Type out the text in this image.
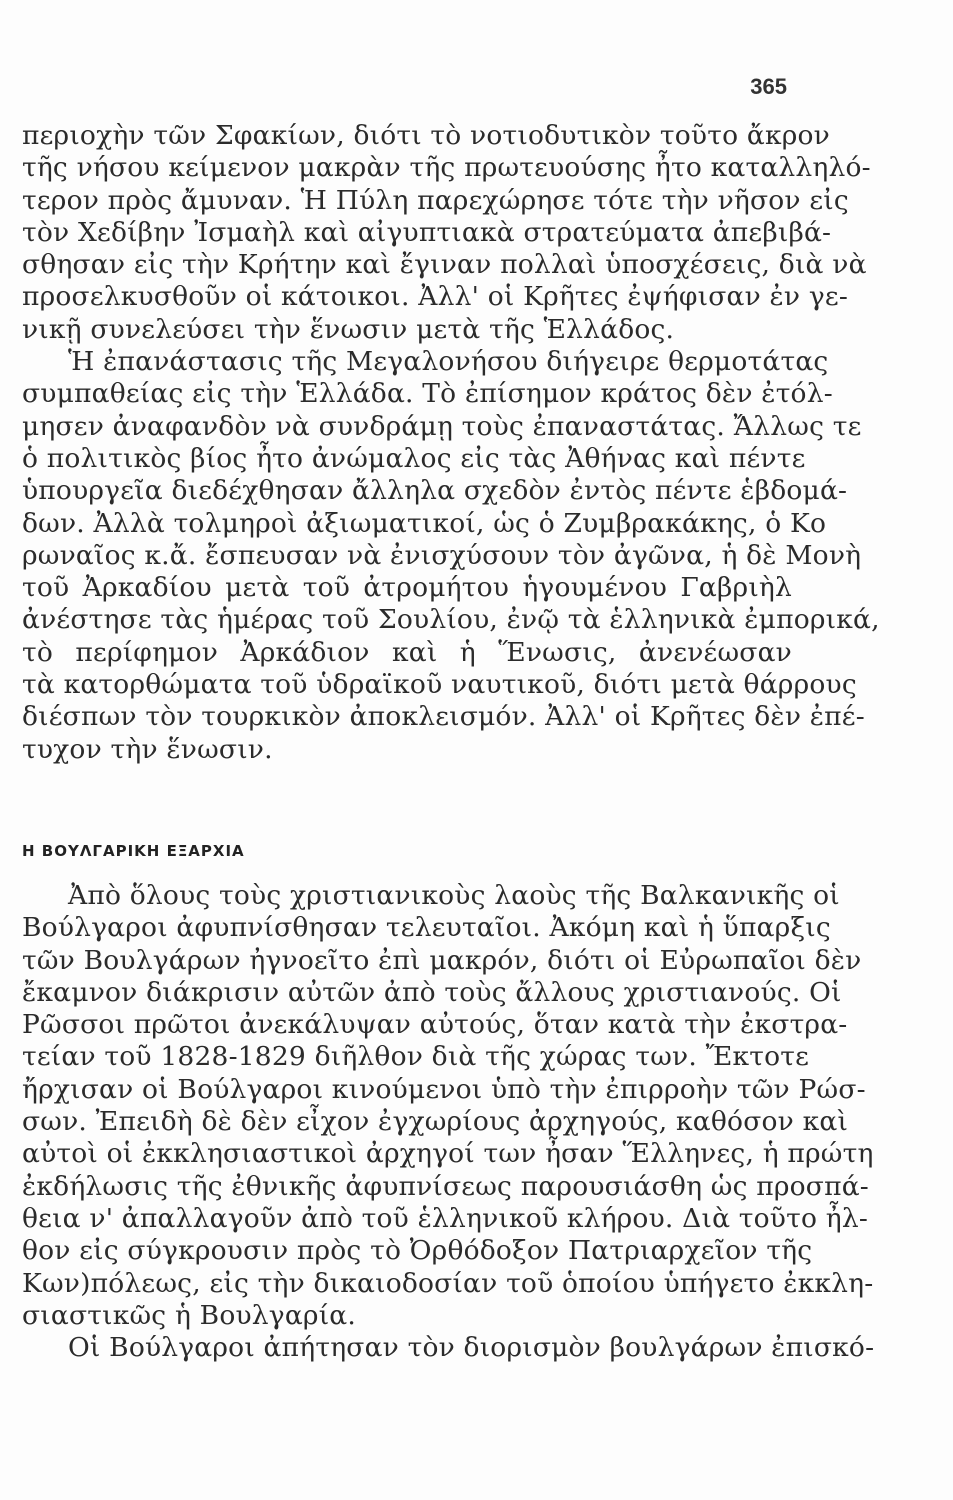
365
περιοχὴν τῶν Σφακίων, διότι τὸ νοτιοδυτικὸν τοῦτο ἄκρον
τῆς νήσου κείμενον μακρὰν τῆς πρωτευούσης ἦτο καταλληλό-
τερον πρὸς ἄμυναν. Ἡ Πύλη παρεχώρησε τότε τὴν νῆσον εἰς
τὸν Χεδίβην Ἰσμαὴλ καὶ αἰγυπτιακὰ στρατεύματα ἀπεβιβά-
σθησαν εἰς τὴν Κρήτην καὶ ἔγιναν πολλαὶ ὑποσχέσεις, διὰ νὰ
προσελκυσθοῦν οἱ κάτοικοι. Ἀλλ' οἱ Κρῆτες ἐψήφισαν ἐν γε-
νικῇ συνελεύσει τὴν ἕνωσιν μετὰ τῆς Ἑλλάδος.
Ἡ ἐπανάστασις τῆς Μεγαλονήσου διήγειρε θερμοτάτας
συμπαθείας εἰς τὴν Ἑλλάδα. Τὸ ἐπίσημον κράτος δὲν ἐτόλ-
μησεν ἀναφανδὸν νὰ συνδράμῃ τοὺς ἐπαναστάτας. Ἄλλως τε
ὁ πολιτικὸς βίος ἦτο ἀνώμαλος εἰς τὰς Ἀθήνας καὶ πέντε
ὑπουργεῖα διεδέχθησαν ἄλληλα σχεδὸν ἐντὸς πέντε ἑβδομά-
δων. Ἀλλὰ τολμηροὶ ἀξιωματικοί, ὡς ὁ Ζυμβρακάκης, ὁ Κο
ρωναῖος κ.ἄ. ἔσπευσαν νὰ ἐνισχύσουν τὸν ἀγῶνα, ἡ δὲ Μονὴ
τοῦ Ἀρκαδίου μετὰ τοῦ ἀτρομήτου ἡγουμένου Γαβριὴλ
ἀνέστησε τὰς ἡμέρας τοῦ Σουλίου, ἐνῷ τὰ ἑλληνικὰ ἐμπορικά,
τὸ περίφημον Ἀρκάδιον καὶ ἡ Ἕνωσις, ἀνενέωσαν
τὰ κατορθώματα τοῦ ὑδραϊκοῦ ναυτικοῦ, διότι μετὰ θάρρους
διέσπων τὸν τουρκικὸν ἀποκλεισμόν. Ἀλλ' οἱ Κρῆτες δὲν ἐπέ-
τυχον τὴν ἕνωσιν.
Η ΒΟΥΛΓΑΡΙΚΗ ΕΞΑΡΧΙΑ
Ἀπὸ ὅλους τοὺς χριστιανικοὺς λαοὺς τῆς Βαλκανικῆς οἱ
Βούλγαροι ἀφυπνίσθησαν τελευταῖοι. Ἀκόμη καὶ ἡ ὕπαρξις
τῶν Βουλγάρων ἠγνοεῖτο ἐπὶ μακρόν, διότι οἱ Εὐρωπαῖοι δὲν
ἔκαμνον διάκρισιν αὐτῶν ἀπὸ τοὺς ἄλλους χριστιανούς. Οἱ
Ρῶσσοι πρῶτοι ἀνεκάλυψαν αὐτούς, ὅταν κατὰ τὴν ἐκστρα-
τείαν τοῦ 1828-1829 διῆλθον διὰ τῆς χώρας των. Ἔκτοτε
ἤρχισαν οἱ Βούλγαροι κινούμενοι ὑπὸ τὴν ἐπιρροὴν τῶν Ρώσ-
σων. Ἐπειδὴ δὲ δὲν εἶχον ἐγχωρίους ἀρχηγούς, καθόσον καὶ
αὐτοὶ οἱ ἐκκλησιαστικοὶ ἀρχηγοί των ἦσαν Ἕλληνες, ἡ πρώτη
ἐκδήλωσις τῆς ἐθνικῆς ἀφυπνίσεως παρουσιάσθη ὡς προσπά-
θεια ν' ἀπαλλαγοῦν ἀπὸ τοῦ ἑλληνικοῦ κλήρου. Διὰ τοῦτο ἦλ-
θον εἰς σύγκρουσιν πρὸς τὸ Ὀρθόδοξον Πατριαρχεῖον τῆς
Κων)πόλεως, εἰς τὴν δικαιοδοσίαν τοῦ ὁποίου ὑπήγετο ἐκκλη-
σιαστικῶς ἡ Βουλγαρία.
Οἱ Βούλγαροι ἀπήτησαν τὸν διορισμὸν βουλγάρων ἐπισκό-
